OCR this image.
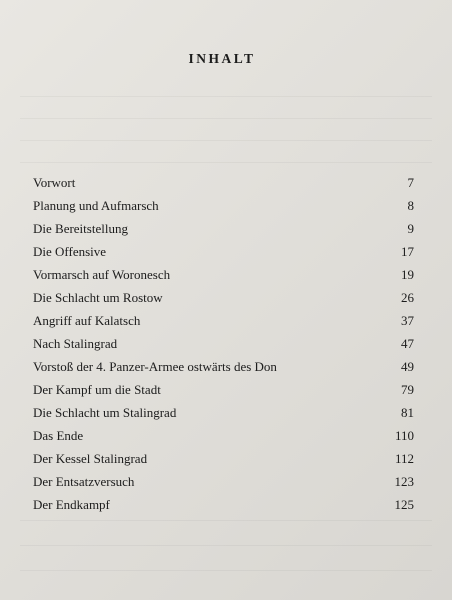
INHALT
Vorwort	7
Planung und Aufmarsch	8
Die Bereitstellung	9
Die Offensive	17
Vormarsch auf Woronesch	19
Die Schlacht um Rostow	26
Angriff auf Kalatsch	37
Nach Stalingrad	47
Vorstoß der 4. Panzer-Armee ostwärts des Don	49
Der Kampf um die Stadt	79
Die Schlacht um Stalingrad	81
Das Ende	110
Der Kessel Stalingrad	112
Der Entsatzversuch	123
Der Endkampf	125
